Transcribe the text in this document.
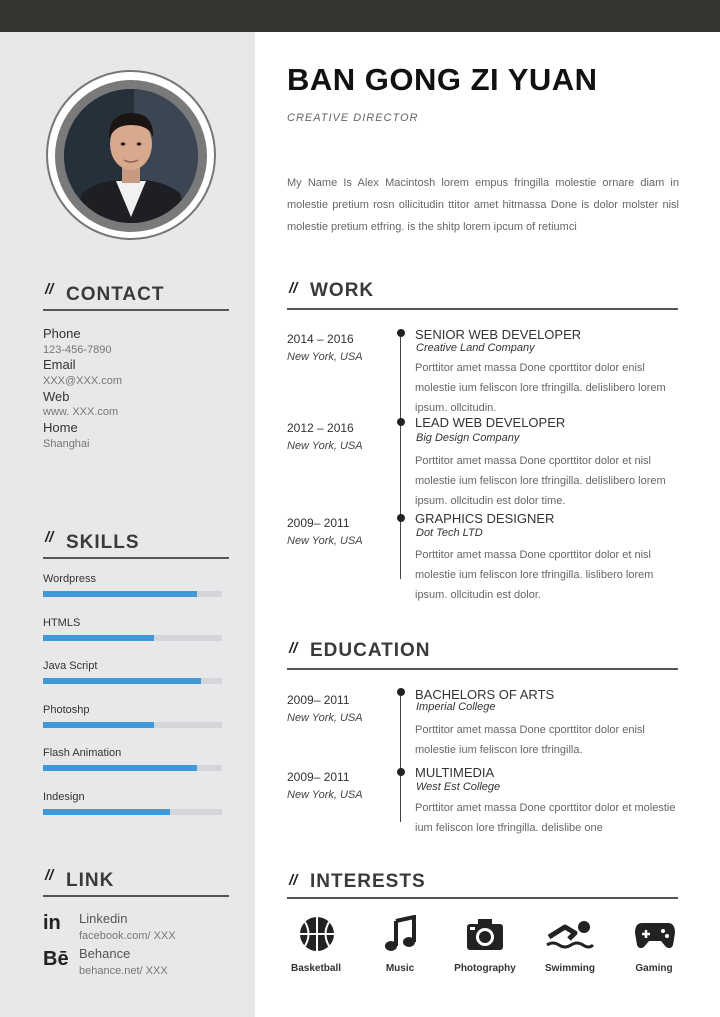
// CONTACT
Phone
123-456-7890
Email
XXX@XXX.com
Web
www. XXX.com
Home
Shanghai
// SKILLS
Wordpress
HTMLS
Java Script
Photoshp
Flash Animation
Indesign
// LINK
in Linkedin
facebook.com/ XXX
Bē Behance
behance.net/ XXX
BAN GONG ZI YUAN
CREATIVE DIRECTOR
My Name Is Alex Macintosh lorem empus fringilla molestie ornare diam in molestie pretium rosn ollicitudin ttitor amet hitmassa Done is dolor molster nisl molestie pretium etfring. is the shitp lorem ipcum of retiumci
// WORK
2014 – 2016
New York, USA
SENIOR WEB DEVELOPER
Creative Land Company
Porttitor amet massa Done cporttitor dolor enisl molestie ium feliscon lore tfringilla. delislibero lorem ipsum. ollcitudin.
2012 – 2016
New York, USA
LEAD WEB DEVELOPER
Big Design Company
Porttitor amet massa Done cporttitor dolor et nisl molestie ium feliscon lore tfringilla. delislibero lorem ipsum. ollcitudin est dolor time.
2009– 2011
New York, USA
GRAPHICS DESIGNER
Dot Tech LTD
Porttitor amet massa Done cporttitor dolor et nisl molestie ium feliscon lore tfringilla. lislibero lorem ipsum. ollcitudin est dolor.
// EDUCATION
2009– 2011
New York, USA
BACHELORS OF ARTS
Imperial College
Porttitor amet massa Done cporttitor dolor enisl molestie ium feliscon lore tfringilla.
2009– 2011
New York, USA
MULTIMEDIA
West Est College
Porttitor amet massa Done cporttitor dolor et molestie ium feliscon lore tfringilla. delislibe one
// INTERESTS
Basketball	Music	Photography	Swimming	Gaming
